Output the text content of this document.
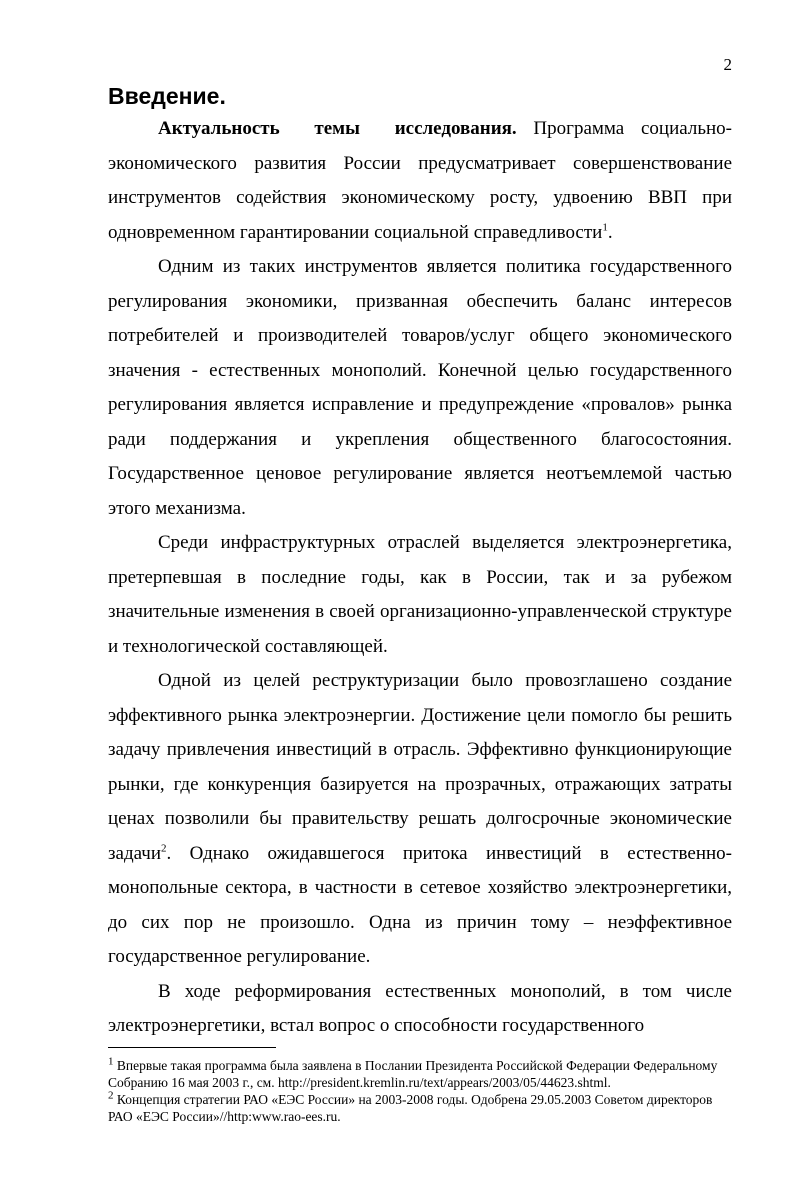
2
Введение.

Актуальность темы исследования. Программа социально-экономического развития России предусматривает совершенствование инструментов содействия экономическому росту, удвоению ВВП при одновременном гарантировании социальной справедливости$^1$.

Одним из таких инструментов является политика государственного регулирования экономики, призванная обеспечить баланс интересов потребителей и производителей товаров/услуг общего экономического значения - естественных монополий. Конечной целью государственного регулирования является исправление и предупреждение «провалов» рынка ради поддержания и укрепления общественного благосостояния. Государственное ценовое регулирование является неотъемлемой частью этого механизма.

Среди инфраструктурных отраслей выделяется электроэнергетика, претерпевшая в последние годы, как в России, так и за рубежом значительные изменения в своей организационно-управленческой структуре и технологической составляющей.

Одной из целей реструктуризации было провозглашено создание эффективного рынка электроэнергии. Достижение цели помогло бы решить задачу привлечения инвестиций в отрасль. Эффективно функционирующие рынки, где конкуренция базируется на прозрачных, отражающих затраты ценах позволили бы правительству решать долгосрочные экономические задачи$^2$. Однако ожидавшегося притока инвестиций в естественно-монопольные сектора, в частности в сетевое хозяйство электроэнергетики, до сих пор не произошло. Одна из причин тому – неэффективное государственное регулирование.

В ходе реформирования естественных монополий, в том числе электроэнергетики, встал вопрос о способности государственного

$^1$ Впервые такая программа была заявлена в Послании Президента Российской Федерации Федеральному Собранию 16 мая 2003 г., см. http://president.kremlin.ru/text/appears/2003/05/44623.shtml.

$^2$ Концепция стратегии РАО «ЕЭС России» на 2003-2008 годы. Одобрена 29.05.2003 Советом директоров РАО «ЕЭС России»//http:www.rao-ees.ru.
